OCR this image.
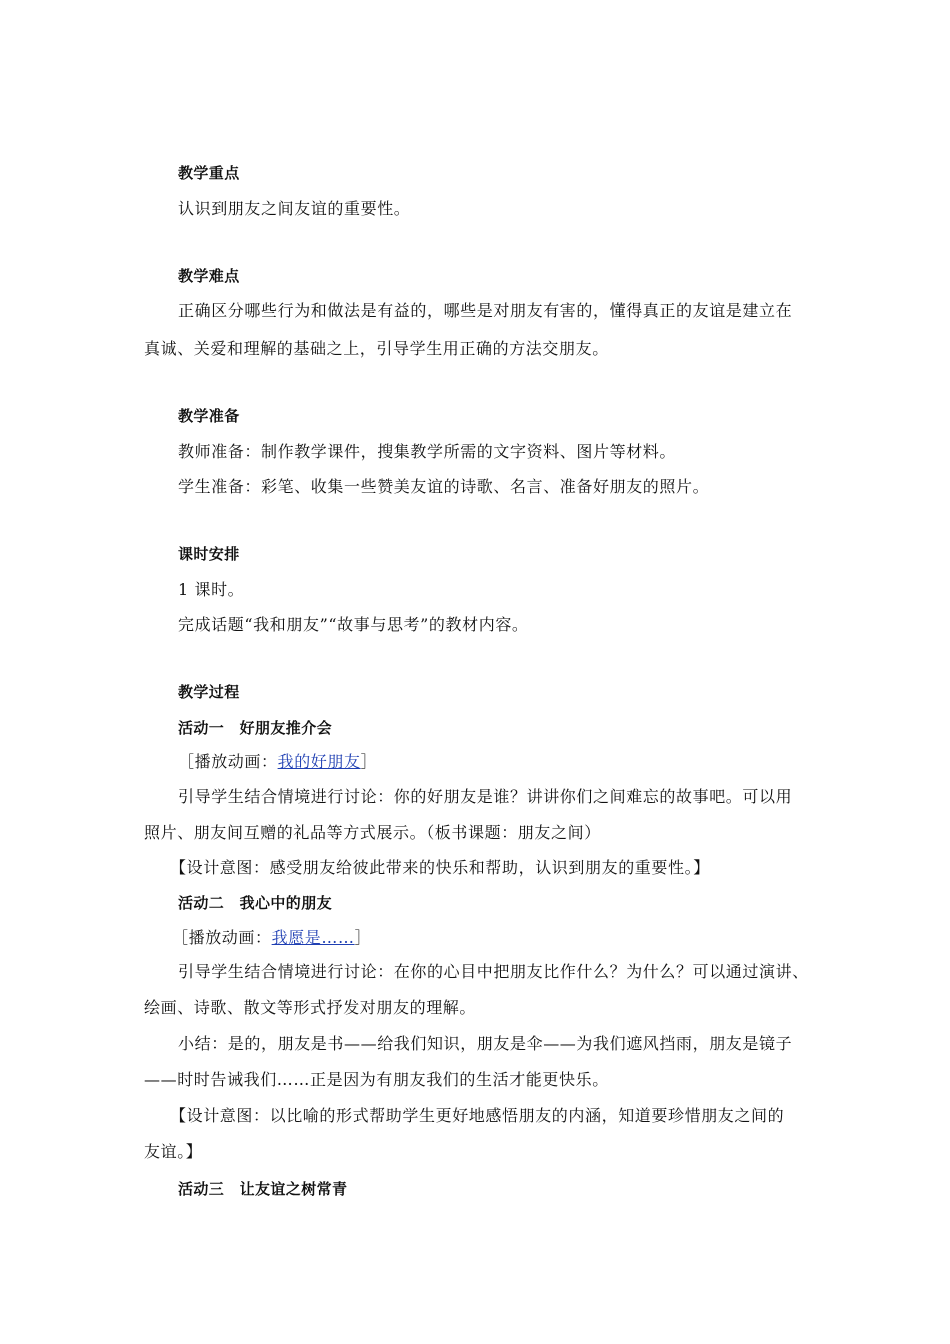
教学重点
认识到朋友之间友谊的重要性。
教学难点
正确区分哪些行为和做法是有益的，哪些是对朋友有害的，懂得真正的友谊是建立在
真诚、关爱和理解的基础之上，引导学生用正确的方法交朋友。
教学准备
教师准备：制作教学课件，搜集教学所需的文字资料、图片等材料。
学生准备：彩笔、收集一些赞美友谊的诗歌、名言、准备好朋友的照片。
课时安排
1 课时。
完成话题“我和朋友”“故事与思考”的教材内容。
教学过程
活动一　好朋友推介会
［播放动画：我的好朋友］
引导学生结合情境进行讨论：你的好朋友是谁？讲讲你们之间难忘的故事吧。可以用
照片、朋友间互赠的礼品等方式展示。（板书课题：朋友之间）
【设计意图：感受朋友给彼此带来的快乐和帮助，认识到朋友的重要性。】
活动二　我心中的朋友
［播放动画：我愿是……］
引导学生结合情境进行讨论：在你的心目中把朋友比作什么？为什么？可以通过演讲、
绘画、诗歌、散文等形式抒发对朋友的理解。
小结：是的，朋友是书——给我们知识，朋友是伞——为我们遮风挡雨，朋友是镜子
——时时告诫我们……正是因为有朋友我们的生活才能更快乐。
【设计意图：以比喻的形式帮助学生更好地感悟朋友的内涵，知道要珍惜朋友之间的
友谊。】
活动三　让友谊之树常青
